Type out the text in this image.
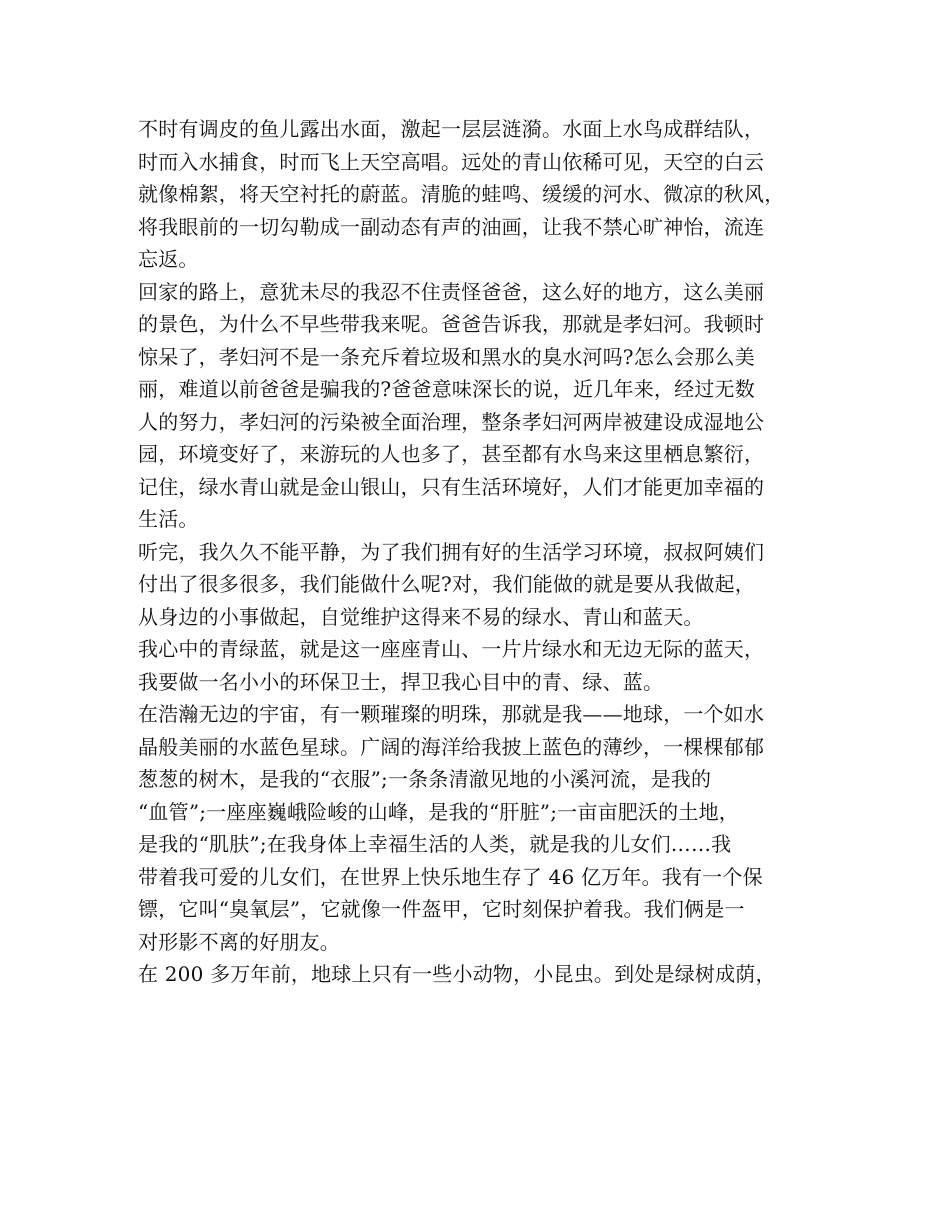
不时有调皮的鱼儿露出水面，激起一层层涟漪。水面上水鸟成群结队，
时而入水捕食，时而飞上天空高唱。远处的青山依稀可见，天空的白云
就像棉絮，将天空衬托的蔚蓝。清脆的蛙鸣、缓缓的河水、微凉的秋风，
将我眼前的一切勾勒成一副动态有声的油画，让我不禁心旷神怡，流连
忘返。
回家的路上，意犹未尽的我忍不住责怪爸爸，这么好的地方，这么美丽
的景色，为什么不早些带我来呢。爸爸告诉我，那就是孝妇河。我顿时
惊呆了，孝妇河不是一条充斥着垃圾和黑水的臭水河吗?怎么会那么美
丽，难道以前爸爸是骗我的?爸爸意味深长的说，近几年来，经过无数
人的努力，孝妇河的污染被全面治理，整条孝妇河两岸被建设成湿地公
园，环境变好了，来游玩的人也多了，甚至都有水鸟来这里栖息繁衍，
记住，绿水青山就是金山银山，只有生活环境好，人们才能更加幸福的
生活。
听完，我久久不能平静，为了我们拥有好的生活学习环境，叔叔阿姨们
付出了很多很多，我们能做什么呢?对，我们能做的就是要从我做起，
从身边的小事做起，自觉维护这得来不易的绿水、青山和蓝天。
我心中的青绿蓝，就是这一座座青山、一片片绿水和无边无际的蓝天，
我要做一名小小的环保卫士，捍卫我心目中的青、绿、蓝。
在浩瀚无边的宇宙，有一颗璀璨的明珠，那就是我——地球，一个如水
晶般美丽的水蓝色星球。广阔的海洋给我披上蓝色的薄纱，一棵棵郁郁
葱葱的树木，是我的“衣服”;一条条清澈见地的小溪河流，是我的
“血管”;一座座巍峨险峻的山峰，是我的“肝脏”;一亩亩肥沃的土地，
是我的“肌肤”;在我身体上幸福生活的人类，就是我的儿女们……我
带着我可爱的儿女们，在世界上快乐地生存了 46 亿万年。我有一个保
镖，它叫“臭氧层”，它就像一件盔甲，它时刻保护着我。我们俩是一
对形影不离的好朋友。
在 200 多万年前，地球上只有一些小动物，小昆虫。到处是绿树成荫，
